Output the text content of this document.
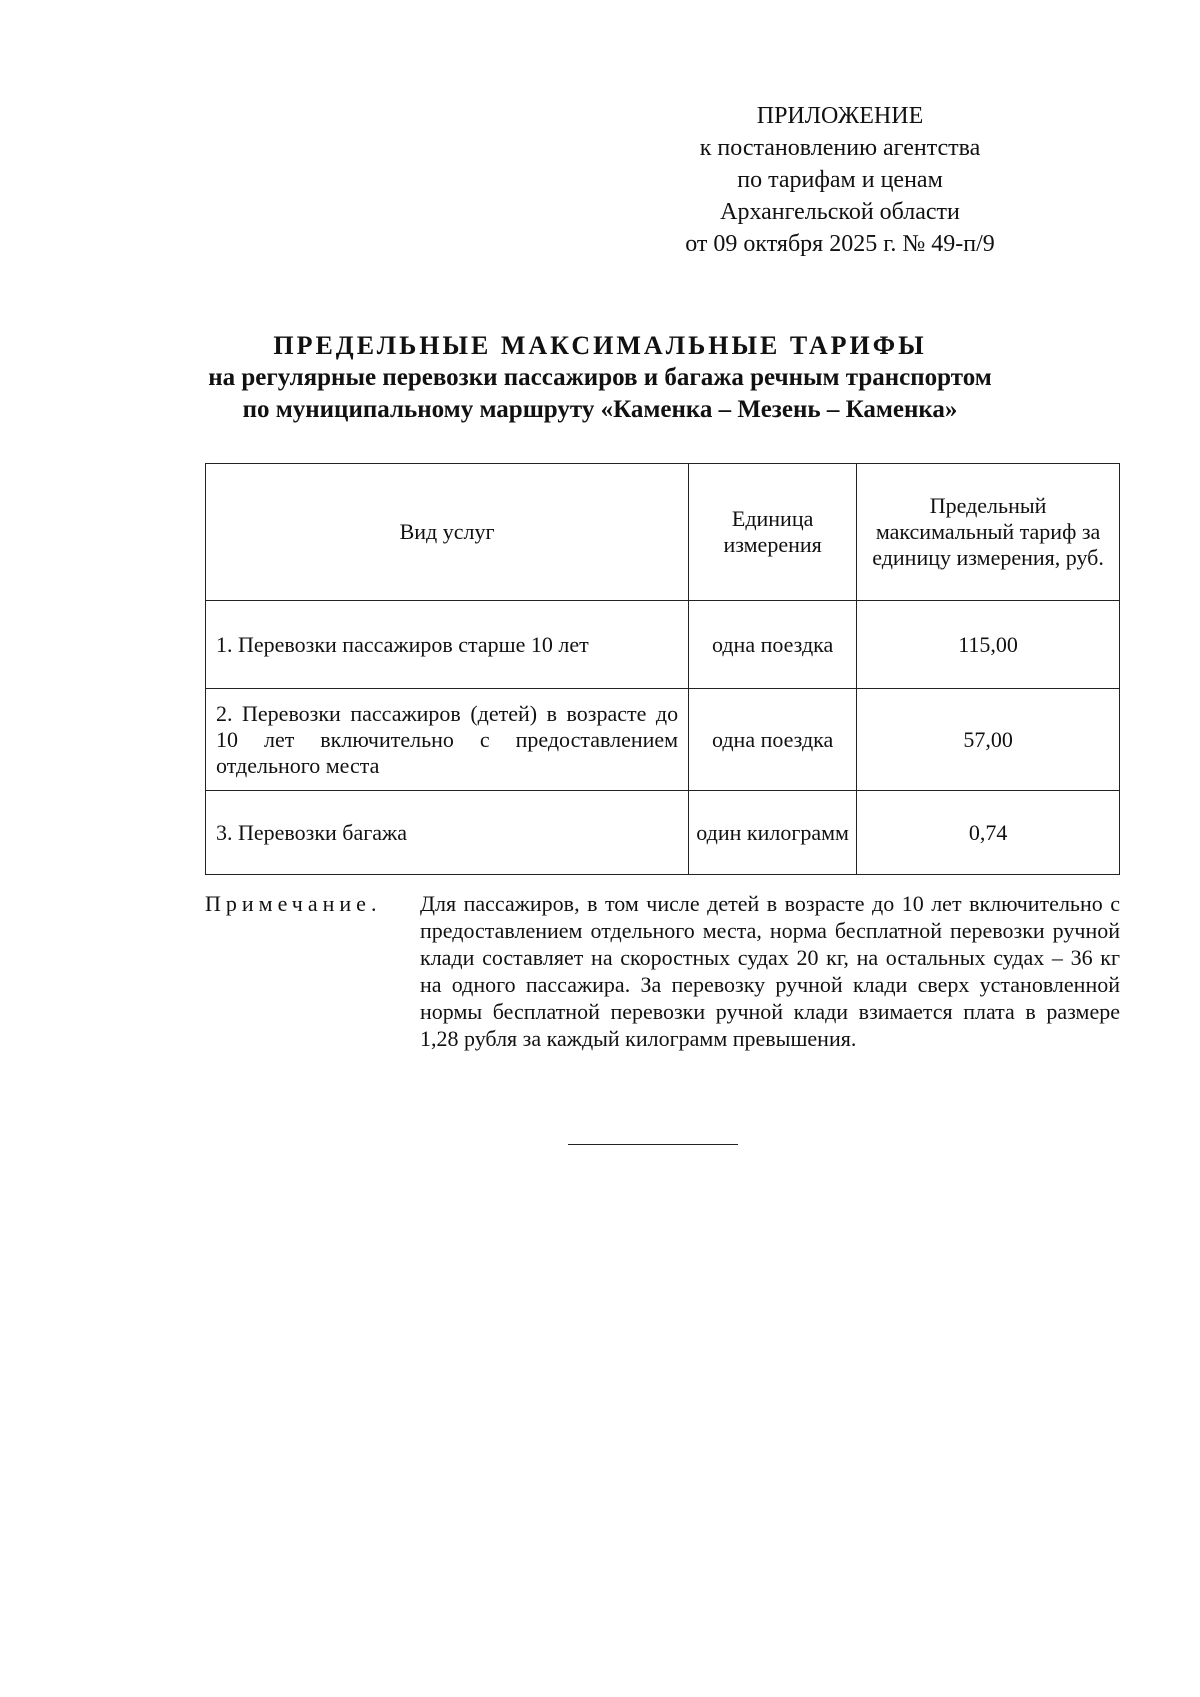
ПРИЛОЖЕНИЕ
к постановлению агентства
по тарифам и ценам
Архангельской области
от 09 октября 2025 г. № 49-п/9
ПРЕДЕЛЬНЫЕ МАКСИМАЛЬНЫЕ ТАРИФЫ
на регулярные перевозки пассажиров и багажа речным транспортом
по муниципальному маршруту «Каменка – Мезень – Каменка»
Вид услуг	Единица измерения	Предельный максимальный тариф за единицу измерения, руб.
1. Перевозки пассажиров старше 10 лет	одна поездка	115,00
2. Перевозки пассажиров (детей) в возрасте до 10 лет включительно с предоставлением отдельного места	одна поездка	57,00
3. Перевозки багажа	один килограмм	0,74
Примечание. Для пассажиров, в том числе детей в возрасте до 10 лет включительно с предоставлением отдельного места, норма бесплатной перевозки ручной клади составляет на скоростных судах 20 кг, на остальных судах – 36 кг на одного пассажира. За перевозку ручной клади сверх установленной нормы бесплатной перевозки ручной клади взимается плата в размере 1,28 рубля за каждый килограмм превышения.
